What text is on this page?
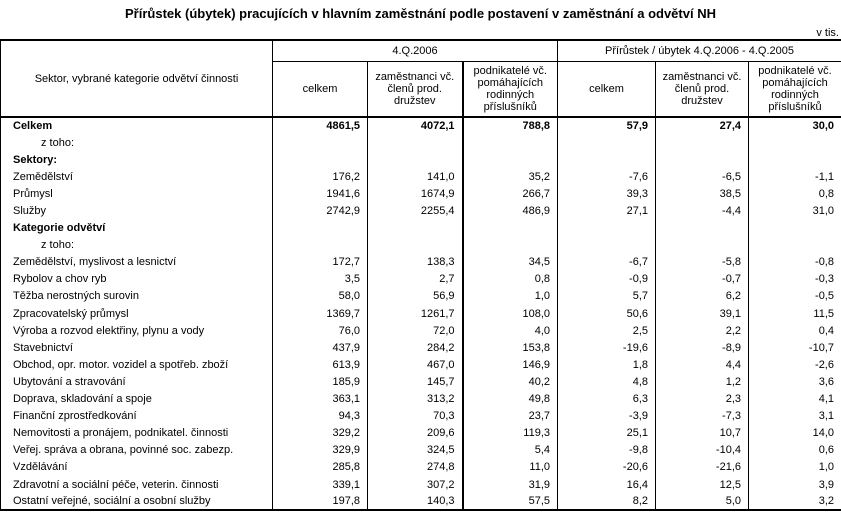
Přírůstek (úbytek) pracujících v hlavním zaměstnání podle postavení v zaměstnání a odvětví NH
v tis.
Sektor, vybrané kategorie odvětví činnosti	4.Q.2006			Přírůstek / úbytek 4.Q.2006 - 4.Q.2005		
	celkem	zaměstnanci vč. členů prod. družstev	podnikatelé vč. pomáhajících rodinných příslušníků	celkem	zaměstnanci vč. členů prod. družstev	podnikatelé vč. pomáhajících rodinných příslušníků
Celkem	4861,5	4072,1	788,8	57,9	27,4	30,0
z toho:						
Sektory:						
Zemědělství	176,2	141,0	35,2	-7,6	-6,5	-1,1
Průmysl	1941,6	1674,9	266,7	39,3	38,5	0,8
Služby	2742,9	2255,4	486,9	27,1	-4,4	31,0
Kategorie odvětví						
z toho:						
Zemědělství, myslivost a lesnictví	172,7	138,3	34,5	-6,7	-5,8	-0,8
Rybolov a chov ryb	3,5	2,7	0,8	-0,9	-0,7	-0,3
Těžba nerostných surovin	58,0	56,9	1,0	5,7	6,2	-0,5
Zpracovatelský průmysl	1369,7	1261,7	108,0	50,6	39,1	11,5
Výroba a rozvod elektřiny, plynu a vody	76,0	72,0	4,0	2,5	2,2	0,4
Stavebnictví	437,9	284,2	153,8	-19,6	-8,9	-10,7
Obchod, opr. motor. vozidel a spotřeb. zboží	613,9	467,0	146,9	1,8	4,4	-2,6
Ubytování a stravování	185,9	145,7	40,2	4,8	1,2	3,6
Doprava, skladování a spoje	363,1	313,2	49,8	6,3	2,3	4,1
Finanční zprostředkování	94,3	70,3	23,7	-3,9	-7,3	3,1
Nemovitosti a pronájem, podnikatel. činnosti	329,2	209,6	119,3	25,1	10,7	14,0
Veřej. správa a obrana, povinné soc. zabezp.	329,9	324,5	5,4	-9,8	-10,4	0,6
Vzdělávání	285,8	274,8	11,0	-20,6	-21,6	1,0
Zdravotní a sociální péče, veterin. činnosti	339,1	307,2	31,9	16,4	12,5	3,9
Ostatní veřejné, sociální a osobní služby	197,8	140,3	57,5	8,2	5,0	3,2
